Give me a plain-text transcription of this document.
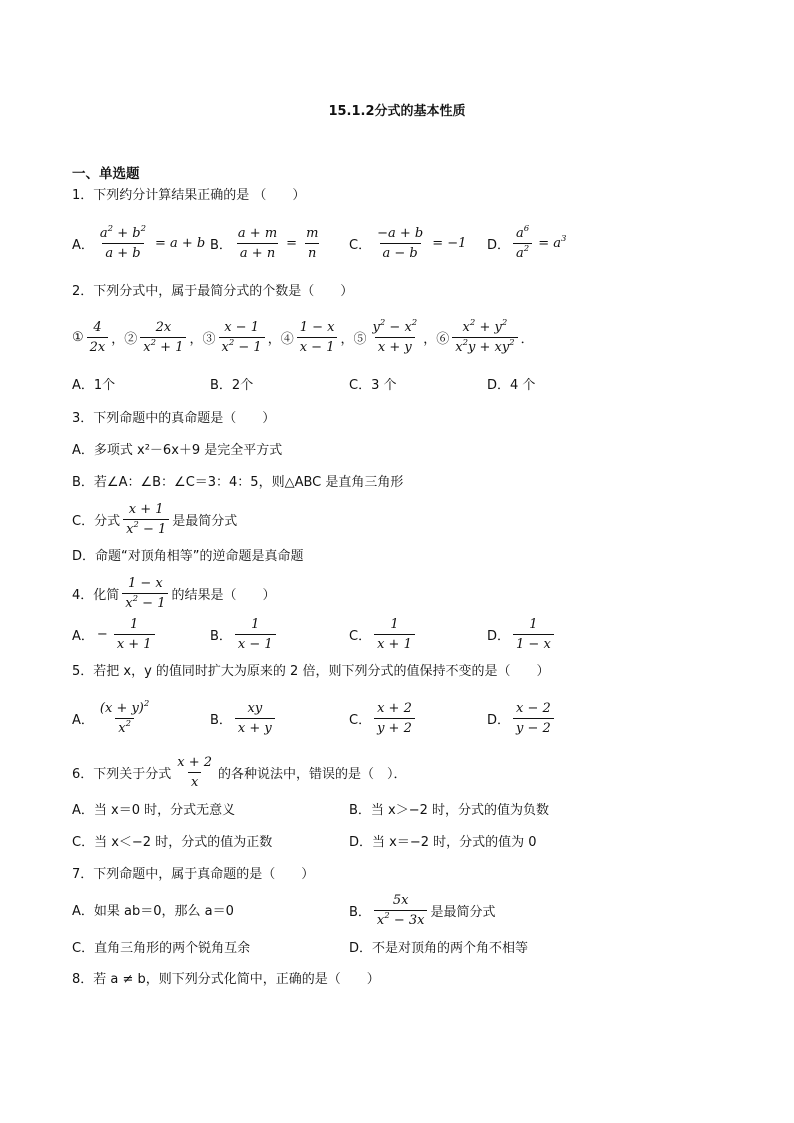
15.1.2分式的基本性质
一、单选题
1．下列约分计算结果正确的是 （　　）
A． $\frac{a^2 + b^2}{a + b} = a + b$ B． $\frac{a + m}{a + n} = \frac{m}{n}$ C． $\frac{-a + b}{a - b} = -1$ D． $\frac{a^6}{a^2} = a^3$
2．下列分式中，属于最简分式的个数是（　　）
① $\frac{4}{2x}$ ，② $\frac{2x}{x^2 + 1}$ ，③ $\frac{x - 1}{x^2 - 1}$ ，④ $\frac{1 - x}{x - 1}$ ，⑤ $\frac{y^2 - x^2}{x + y}$ ，⑥ $\frac{x^2 + y^2}{x^2y + xy^2}$ ．
A．1个	B．2个	C．3 个	D．4 个
3．下列命题中的真命题是（　　）
A．多项式 x²－6x＋9 是完全平方式
B．若∠A：∠B：∠C＝3：4：5，则△ABC 是直角三角形
C．分式 $\frac{x + 1}{x^2 - 1}$ 是最简分式
D．命题“对顶角相等”的逆命题是真命题
4．化简 $\frac{1 - x}{x^2 - 1}$ 的结果是（　　）
A． − $\frac{1}{x + 1}$	B． $\frac{1}{x - 1}$	C． $\frac{1}{x + 1}$	D． $\frac{1}{1 - x}$
5．若把 x，y 的值同时扩大为原来的 2 倍，则下列分式的值保持不变的是（　　）
A． $\frac{(x + y)^2}{x^2}$	B． $\frac{xy}{x + y}$	C． $\frac{x + 2}{y + 2}$	D． $\frac{x - 2}{y - 2}$
6．下列关于分式 $\frac{x + 2}{x}$ 的各种说法中，错误的是（　）．
A．当 x＝0 时，分式无意义	B．当 x＞−2 时，分式的值为负数
C．当 x＜−2 时，分式的值为正数	D．当 x＝−2 时，分式的值为 0
7．下列命题中，属于真命题的是（　　）
A．如果 ab＝0，那么 a＝0	B． $\frac{5x}{x^2 - 3x}$ 是最简分式
C．直角三角形的两个锐角互余	D．不是对顶角的两个角不相等
8．若 a ≠ b，则下列分式化简中，正确的是（　　）
